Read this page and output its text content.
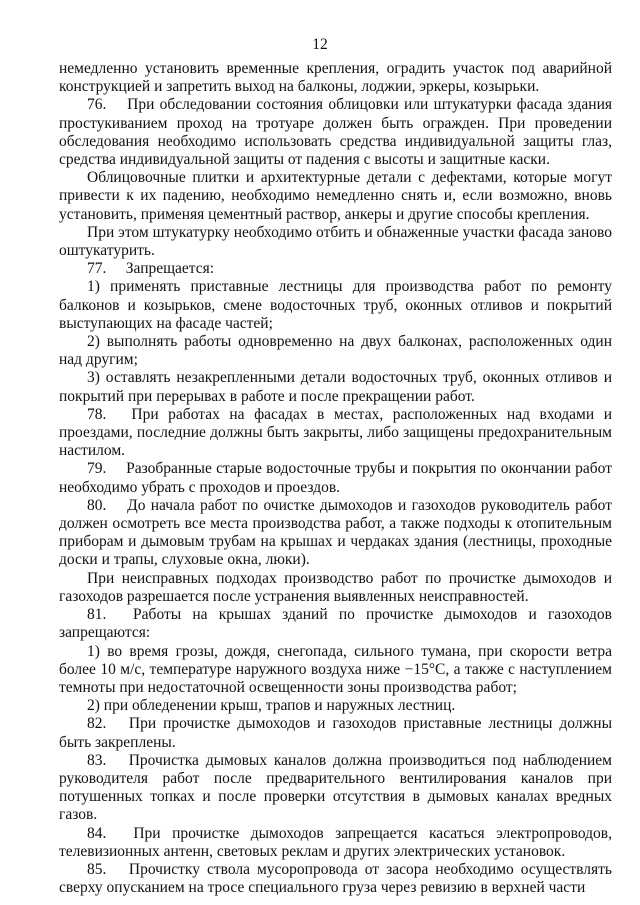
12

немедленно установить временные крепления, оградить участок под аварийной конструкцией и запретить выход на балконы, лоджии, эркеры, козырьки.

76.  При обследовании состояния облицовки или штукатурки фасада здания простукиванием проход на тротуаре должен быть огражден. При проведении обследования необходимо использовать средства индивидуальной защиты глаз, средства индивидуальной защиты от падения с высоты и защитные каски.

Облицовочные плитки и архитектурные детали с дефектами, которые могут привести к их падению, необходимо немедленно снять и, если возможно, вновь установить, применяя цементный раствор, анкеры и другие способы крепления.

При этом штукатурку необходимо отбить и обнаженные участки фасада заново оштукатурить.

77.  Запрещается:

1) применять приставные лестницы для производства работ по ремонту балконов и козырьков, смене водосточных труб, оконных отливов и покрытий выступающих на фасаде частей;

2) выполнять работы одновременно на двух балконах, расположенных один над другим;

3) оставлять незакрепленными детали водосточных труб, оконных отливов и покрытий при перерывах в работе и после прекращении работ.

78.  При работах на фасадах в местах, расположенных над входами и проездами, последние должны быть закрыты, либо защищены предохранительным настилом.

79.  Разобранные старые водосточные трубы и покрытия по окончании работ необходимо убрать с проходов и проездов.

80.  До начала работ по очистке дымоходов и газоходов руководитель работ должен осмотреть все места производства работ, а также подходы к отопительным приборам и дымовым трубам на крышах и чердаках здания (лестницы, проходные доски и трапы, слуховые окна, люки).

При неисправных подходах производство работ по прочистке дымоходов и газоходов разрешается после устранения выявленных неисправностей.

81.  Работы на крышах зданий по прочистке дымоходов и газоходов запрещаются:

1) во время грозы, дождя, снегопада, сильного тумана, при скорости ветра более 10 м/с, температуре наружного воздуха ниже −15°С, а также с наступлением темноты при недостаточной освещенности зоны производства работ;

2) при обледенении крыш, трапов и наружных лестниц.

82.  При прочистке дымоходов и газоходов приставные лестницы должны быть закреплены.

83.  Прочистка дымовых каналов должна производиться под наблюдением руководителя работ после предварительного вентилирования каналов при потушенных топках и после проверки отсутствия в дымовых каналах вредных газов.

84.  При прочистке дымоходов запрещается касаться электропроводов, телевизионных антенн, световых реклам и других электрических установок.

85.  Прочистку ствола мусоропровода от засора необходимо осуществлять сверху опусканием на тросе специального груза через ревизию в верхней части
